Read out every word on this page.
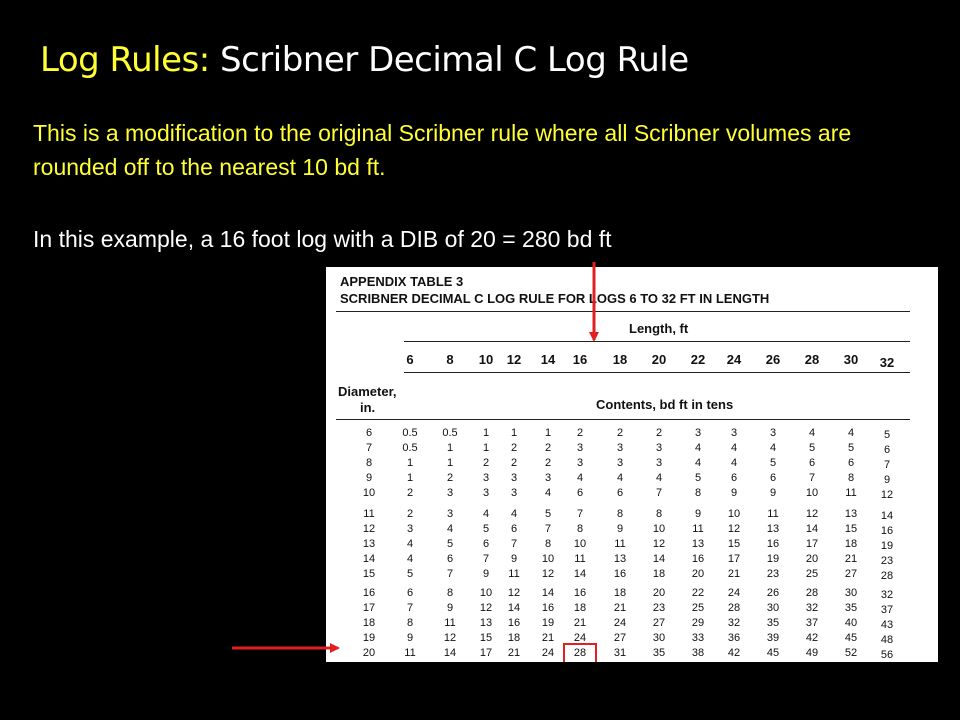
Log Rules: Scribner Decimal C Log Rule
This is a modification to the original Scribner rule where all Scribner volumes are rounded off to the nearest 10 bd ft.
In this example, a 16 foot log with a DIB of 20 = 280 bd ft
APPENDIX TABLE 3
SCRIBNER DECIMAL C LOG RULE FOR LOGS 6 TO 32 FT IN LENGTH
Length, ft
6	8	10	12	14	16	18	20	22	24	26	28	30	32
Diameter,
in.	Contents, bd ft in tens
6	0.5	0.5	1	1	1	2	2	2	3	3	3	4	4	5
7	0.5	1	1	2	2	3	3	3	4	4	4	5	5	6
8	1	1	2	2	2	3	3	3	4	4	5	6	6	7
9	1	2	3	3	3	4	4	4	5	6	6	7	8	9
10	2	3	3	3	4	6	6	7	8	9	9	10	11	12
11	2	3	4	4	5	7	8	8	9	10	11	12	13	14
12	3	4	5	6	7	8	9	10	11	12	13	14	15	16
13	4	5	6	7	8	10	11	12	13	15	16	17	18	19
14	4	6	7	9	10	11	13	14	16	17	19	20	21	23
15	5	7	9	11	12	14	16	18	20	21	23	25	27	28
16	6	8	10	12	14	16	18	20	22	24	26	28	30	32
17	7	9	12	14	16	18	21	23	25	28	30	32	35	37
18	8	11	13	16	19	21	24	27	29	32	35	37	40	43
19	9	12	15	18	21	24	27	30	33	36	39	42	45	48
20	11	14	17	21	24	28	31	35	38	42	45	49	52	56
